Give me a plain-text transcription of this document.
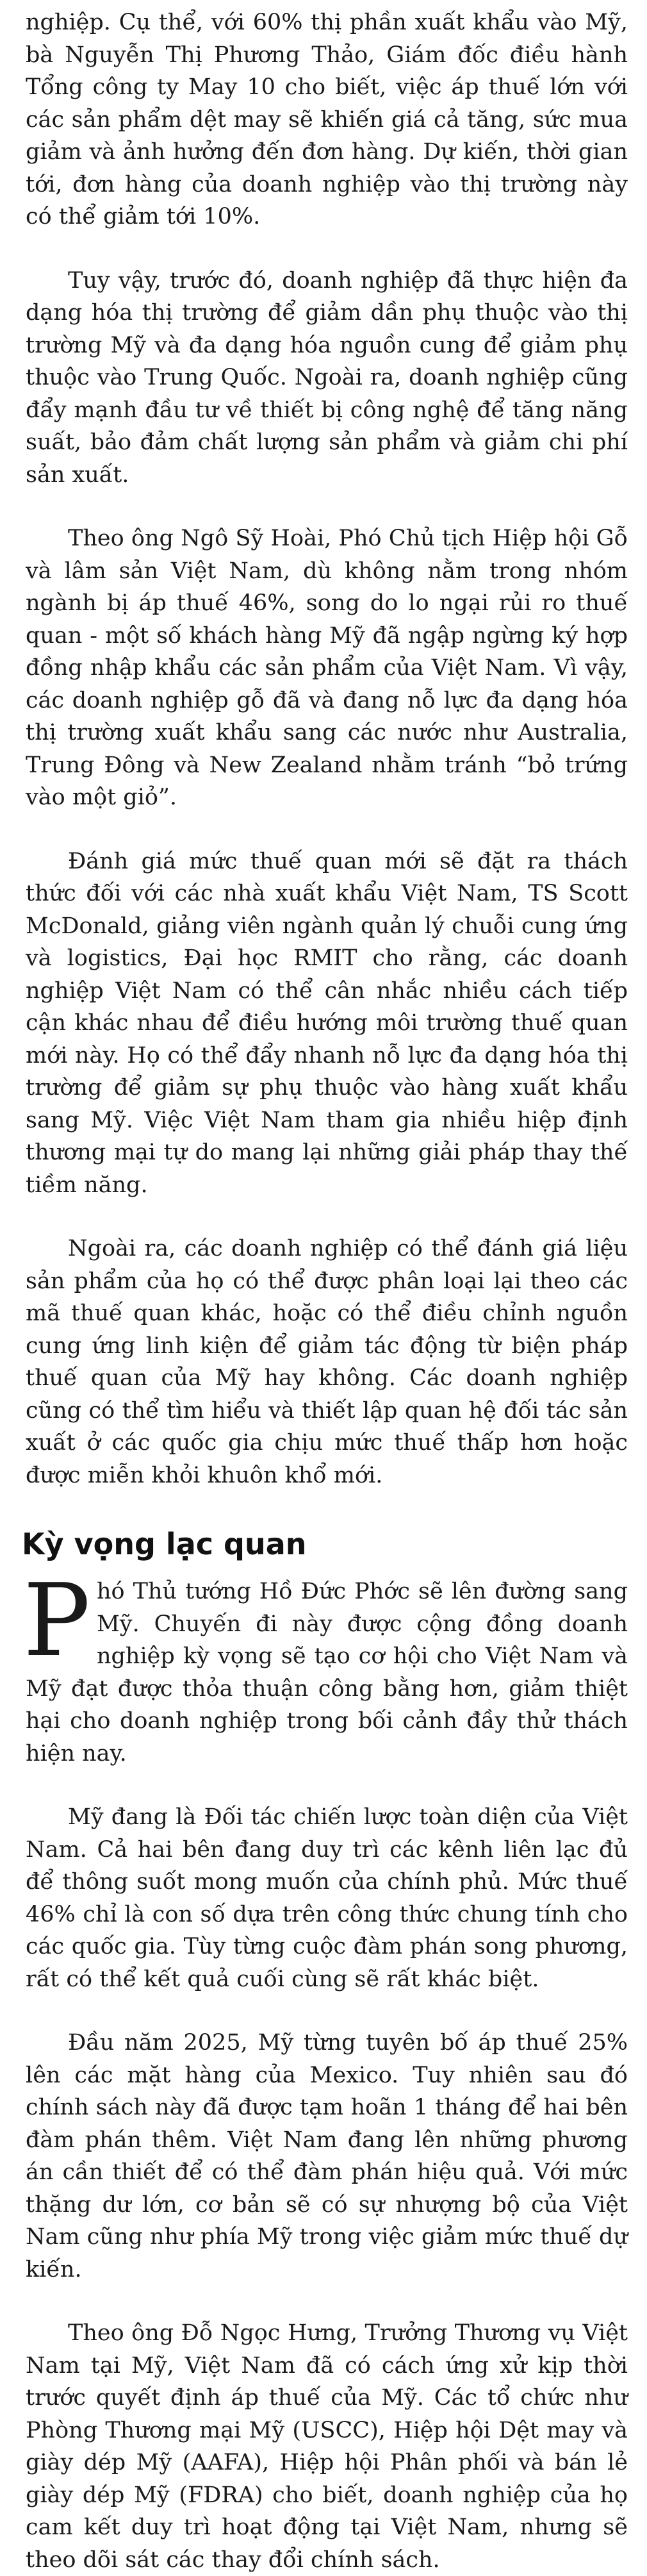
nghiệp. Cụ thể, với 60% thị phần xuất khẩu vào Mỹ, bà Nguyễn Thị Phương Thảo, Giám đốc điều hành Tổng công ty May 10 cho biết, việc áp thuế lớn với các sản phẩm dệt may sẽ khiến giá cả tăng, sức mua giảm và ảnh hưởng đến đơn hàng. Dự kiến, thời gian tới, đơn hàng của doanh nghiệp vào thị trường này có thể giảm tới 10%.

Tuy vậy, trước đó, doanh nghiệp đã thực hiện đa dạng hóa thị trường để giảm dần phụ thuộc vào thị trường Mỹ và đa dạng hóa nguồn cung để giảm phụ thuộc vào Trung Quốc. Ngoài ra, doanh nghiệp cũng đẩy mạnh đầu tư về thiết bị công nghệ để tăng năng suất, bảo đảm chất lượng sản phẩm và giảm chi phí sản xuất.

Theo ông Ngô Sỹ Hoài, Phó Chủ tịch Hiệp hội Gỗ và lâm sản Việt Nam, dù không nằm trong nhóm ngành bị áp thuế 46%, song do lo ngại rủi ro thuế quan - một số khách hàng Mỹ đã ngập ngừng ký hợp đồng nhập khẩu các sản phẩm của Việt Nam. Vì vậy, các doanh nghiệp gỗ đã và đang nỗ lực đa dạng hóa thị trường xuất khẩu sang các nước như Australia, Trung Đông và New Zealand nhằm tránh “bỏ trứng vào một giỏ”.

Đánh giá mức thuế quan mới sẽ đặt ra thách thức đối với các nhà xuất khẩu Việt Nam, TS Scott McDonald, giảng viên ngành quản lý chuỗi cung ứng và logistics, Đại học RMIT cho rằng, các doanh nghiệp Việt Nam có thể cân nhắc nhiều cách tiếp cận khác nhau để điều hướng môi trường thuế quan mới này. Họ có thể đẩy nhanh nỗ lực đa dạng hóa thị trường để giảm sự phụ thuộc vào hàng xuất khẩu sang Mỹ. Việc Việt Nam tham gia nhiều hiệp định thương mại tự do mang lại những giải pháp thay thế tiềm năng.

Ngoài ra, các doanh nghiệp có thể đánh giá liệu sản phẩm của họ có thể được phân loại lại theo các mã thuế quan khác, hoặc có thể điều chỉnh nguồn cung ứng linh kiện để giảm tác động từ biện pháp thuế quan của Mỹ hay không. Các doanh nghiệp cũng có thể tìm hiểu và thiết lập quan hệ đối tác sản xuất ở các quốc gia chịu mức thuế thấp hơn hoặc được miễn khỏi khuôn khổ mới.

Kỳ vọng lạc quan

Phó Thủ tướng Hồ Đức Phớc sẽ lên đường sang Mỹ. Chuyến đi này được cộng đồng doanh nghiệp kỳ vọng sẽ tạo cơ hội cho Việt Nam và Mỹ đạt được thỏa thuận công bằng hơn, giảm thiệt hại cho doanh nghiệp trong bối cảnh đầy thử thách hiện nay.

Mỹ đang là Đối tác chiến lược toàn diện của Việt Nam. Cả hai bên đang duy trì các kênh liên lạc đủ để thông suốt mong muốn của chính phủ. Mức thuế 46% chỉ là con số dựa trên công thức chung tính cho các quốc gia. Tùy từng cuộc đàm phán song phương, rất có thể kết quả cuối cùng sẽ rất khác biệt.

Đầu năm 2025, Mỹ từng tuyên bố áp thuế 25% lên các mặt hàng của Mexico. Tuy nhiên sau đó chính sách này đã được tạm hoãn 1 tháng để hai bên đàm phán thêm. Việt Nam đang lên những phương án cần thiết để có thể đàm phán hiệu quả. Với mức thặng dư lớn, cơ bản sẽ có sự nhượng bộ của Việt Nam cũng như phía Mỹ trong việc giảm mức thuế dự kiến.

Theo ông Đỗ Ngọc Hưng, Trưởng Thương vụ Việt Nam tại Mỹ, Việt Nam đã có cách ứng xử kịp thời trước quyết định áp thuế của Mỹ. Các tổ chức như Phòng Thương mại Mỹ (USCC), Hiệp hội Dệt may và giày dép Mỹ (AAFA), Hiệp hội Phân phối và bán lẻ giày dép Mỹ (FDRA) cho biết, doanh nghiệp của họ cam kết duy trì hoạt động tại Việt Nam, nhưng sẽ theo dõi sát các thay đổi chính sách.
